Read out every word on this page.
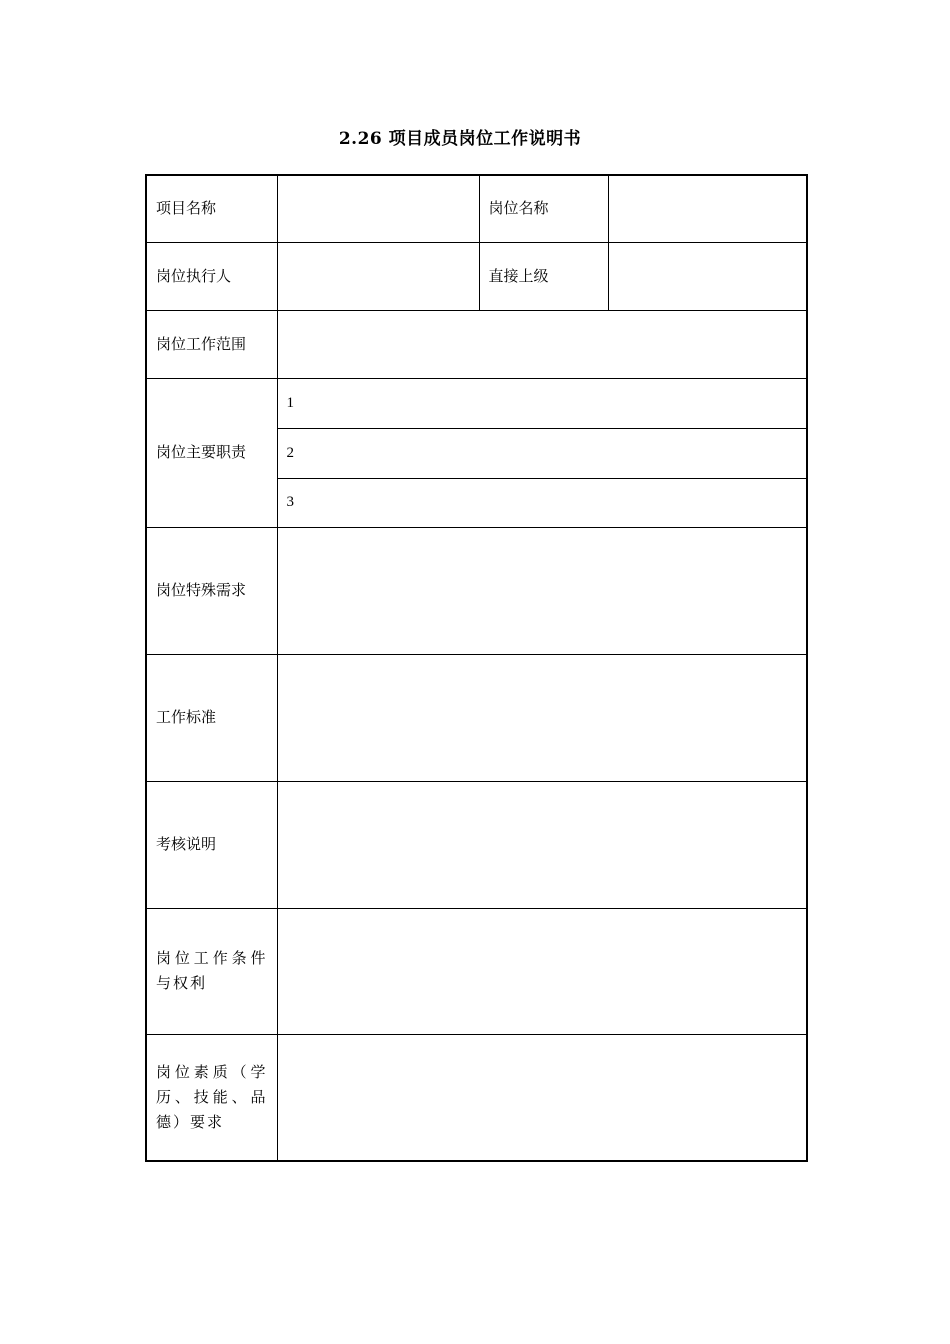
2.26 项目成员岗位工作说明书
项目名称		岗位名称	
岗位执行人		直接上级	
岗位工作范围			
岗位主要职责	1		
	2		
	3		
岗位特殊需求			
工作标准			
考核说明			
岗位工作条件与权利			
岗位素质（学历、技能、品德）要求			
